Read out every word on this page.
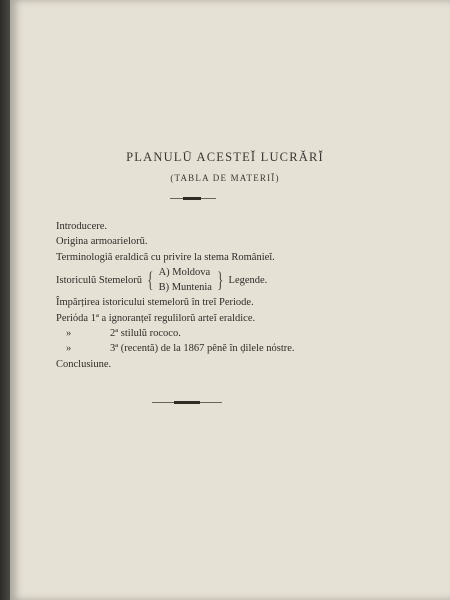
PLANULŪ ACESTEĬ LUCRĂRĬ
(TABLA DE MATERIĬ)
Introducere.
Origina armoarielorŭ.
Terminologiă eraldică cu privire la stema Românieĭ.
Istoriculŭ Stemelorŭ { A) Moldova
B) Muntenia } Legende.
Împărțirea istoricului stemelorŭ în treĭ Periode.
Periόda 1ª a ignoranțeĭ regulilorŭ arteĭ eraldice.
»	2ª stilulŭ rococo.
»	3ª (recentă) de la 1867 pênĕ în ḑilele nόstre.
Conclusiune.
